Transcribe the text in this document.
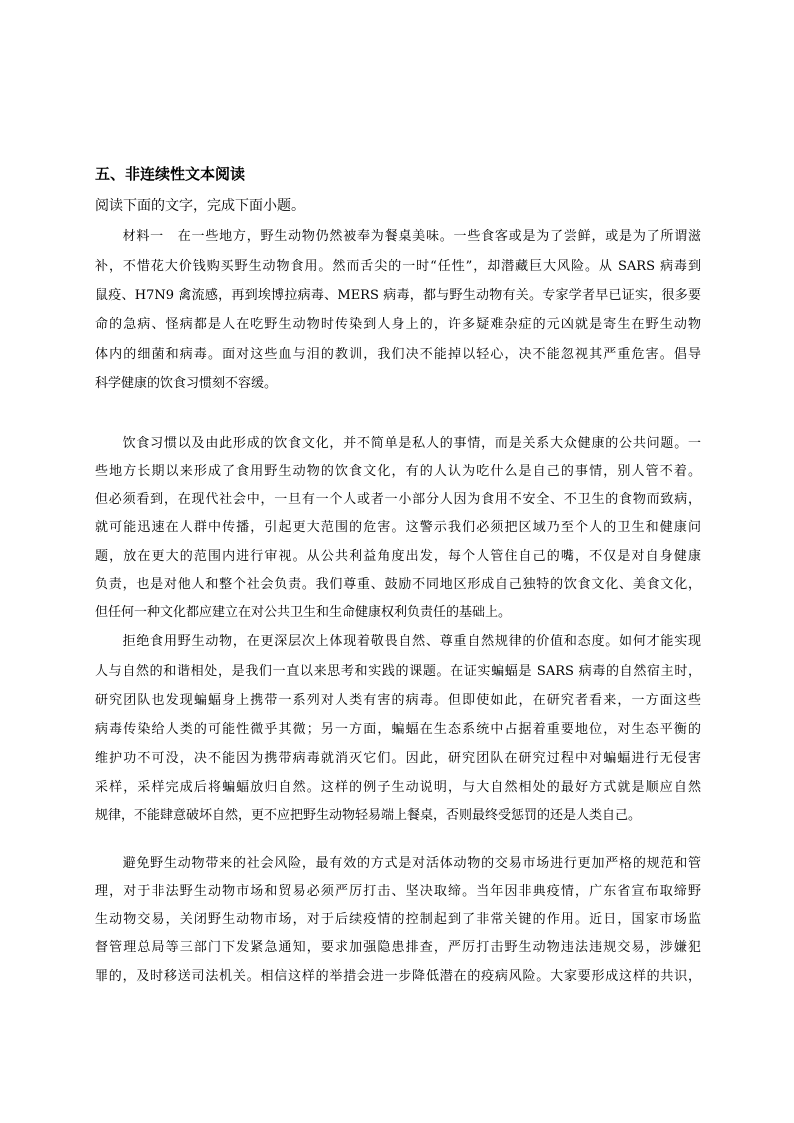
五、非连续性文本阅读
阅读下面的文字，完成下面小题。
　　材料一　在一些地方，野生动物仍然被奉为餐桌美味。一些食客或是为了尝鲜，或是为了所谓滋
补，不惜花大价钱购买野生动物食用。然而舌尖的一时“任性”，却潜藏巨大风险。从 SARS 病毒到
鼠疫、H7N9 禽流感，再到埃博拉病毒、MERS 病毒，都与野生动物有关。专家学者早已证实，很多要
命的急病、怪病都是人在吃野生动物时传染到人身上的，许多疑难杂症的元凶就是寄生在野生动物
体内的细菌和病毒。面对这些血与泪的教训，我们决不能掉以轻心，决不能忽视其严重危害。倡导
科学健康的饮食习惯刻不容缓。
　　饮食习惯以及由此形成的饮食文化，并不简单是私人的事情，而是关系大众健康的公共问题。一
些地方长期以来形成了食用野生动物的饮食文化，有的人认为吃什么是自己的事情，别人管不着。
但必须看到，在现代社会中，一旦有一个人或者一小部分人因为食用不安全、不卫生的食物而致病，
就可能迅速在人群中传播，引起更大范围的危害。这警示我们必须把区域乃至个人的卫生和健康问
题，放在更大的范围内进行审视。从公共利益角度出发，每个人管住自己的嘴，不仅是对自身健康
负责，也是对他人和整个社会负责。我们尊重、鼓励不同地区形成自己独特的饮食文化、美食文化，
但任何一种文化都应建立在对公共卫生和生命健康权利负责任的基础上。
　　拒绝食用野生动物，在更深层次上体现着敬畏自然、尊重自然规律的价值和态度。如何才能实现
人与自然的和谐相处，是我们一直以来思考和实践的课题。在证实蝙蝠是 SARS 病毒的自然宿主时，
研究团队也发现蝙蝠身上携带一系列对人类有害的病毒。但即使如此，在研究者看来，一方面这些
病毒传染给人类的可能性微乎其微；另一方面，蝙蝠在生态系统中占据着重要地位，对生态平衡的
维护功不可没，决不能因为携带病毒就消灭它们。因此，研究团队在研究过程中对蝙蝠进行无侵害
采样，采样完成后将蝙蝠放归自然。这样的例子生动说明，与大自然相处的最好方式就是顺应自然
规律，不能肆意破坏自然，更不应把野生动物轻易端上餐桌，否则最终受惩罚的还是人类自己。
　　避免野生动物带来的社会风险，最有效的方式是对活体动物的交易市场进行更加严格的规范和管
理，对于非法野生动物市场和贸易必须严厉打击、坚决取缔。当年因非典疫情，广东省宣布取缔野
生动物交易，关闭野生动物市场，对于后续疫情的控制起到了非常关键的作用。近日，国家市场监
督管理总局等三部门下发紧急通知，要求加强隐患排查，严厉打击野生动物违法违规交易，涉嫌犯
罪的，及时移送司法机关。相信这样的举措会进一步降低潜在的疫病风险。大家要形成这样的共识，
